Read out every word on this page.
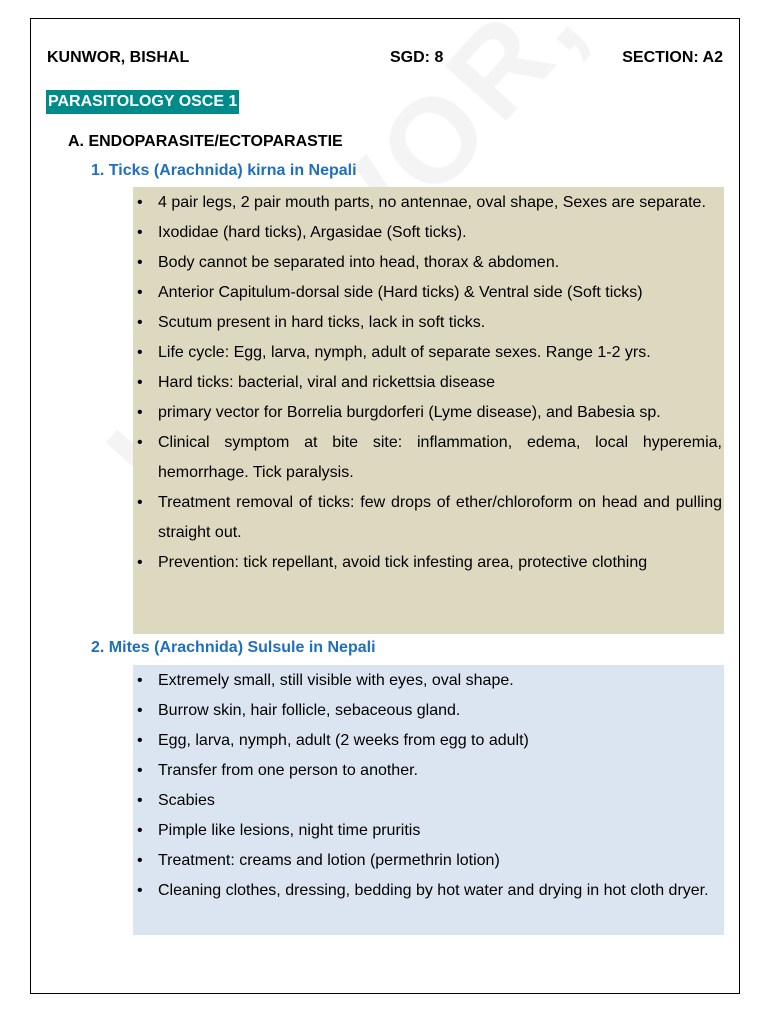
KUNWOR, BISHAL	SGD: 8	SECTION: A2
PARASITOLOGY OSCE 1
A. ENDOPARASITE/ECTOPARASTIE
1. Ticks (Arachnida) kirna in Nepali
• 4 pair legs, 2 pair mouth parts, no antennae, oval shape, Sexes are separate.
• Ixodidae (hard ticks), Argasidae (Soft ticks).
• Body cannot be separated into head, thorax & abdomen.
• Anterior Capitulum-dorsal side (Hard ticks) & Ventral side (Soft ticks)
• Scutum present in hard ticks, lack in soft ticks.
• Life cycle: Egg, larva, nymph, adult of separate sexes. Range 1-2 yrs.
• Hard ticks: bacterial, viral and rickettsia disease
• primary vector for Borrelia burgdorferi (Lyme disease), and Babesia sp.
• Clinical symptom at bite site: inflammation, edema, local hyperemia, hemorrhage. Tick paralysis.
• Treatment removal of ticks: few drops of ether/chloroform on head and pulling straight out.
• Prevention: tick repellant, avoid tick infesting area, protective clothing
2. Mites (Arachnida) Sulsule in Nepali
• Extremely small, still visible with eyes, oval shape.
• Burrow skin, hair follicle, sebaceous gland.
• Egg, larva, nymph, adult (2 weeks from egg to adult)
• Transfer from one person to another.
• Scabies
• Pimple like lesions, night time pruritis
• Treatment: creams and lotion (permethrin lotion)
• Cleaning clothes, dressing, bedding by hot water and drying in hot cloth dryer.
